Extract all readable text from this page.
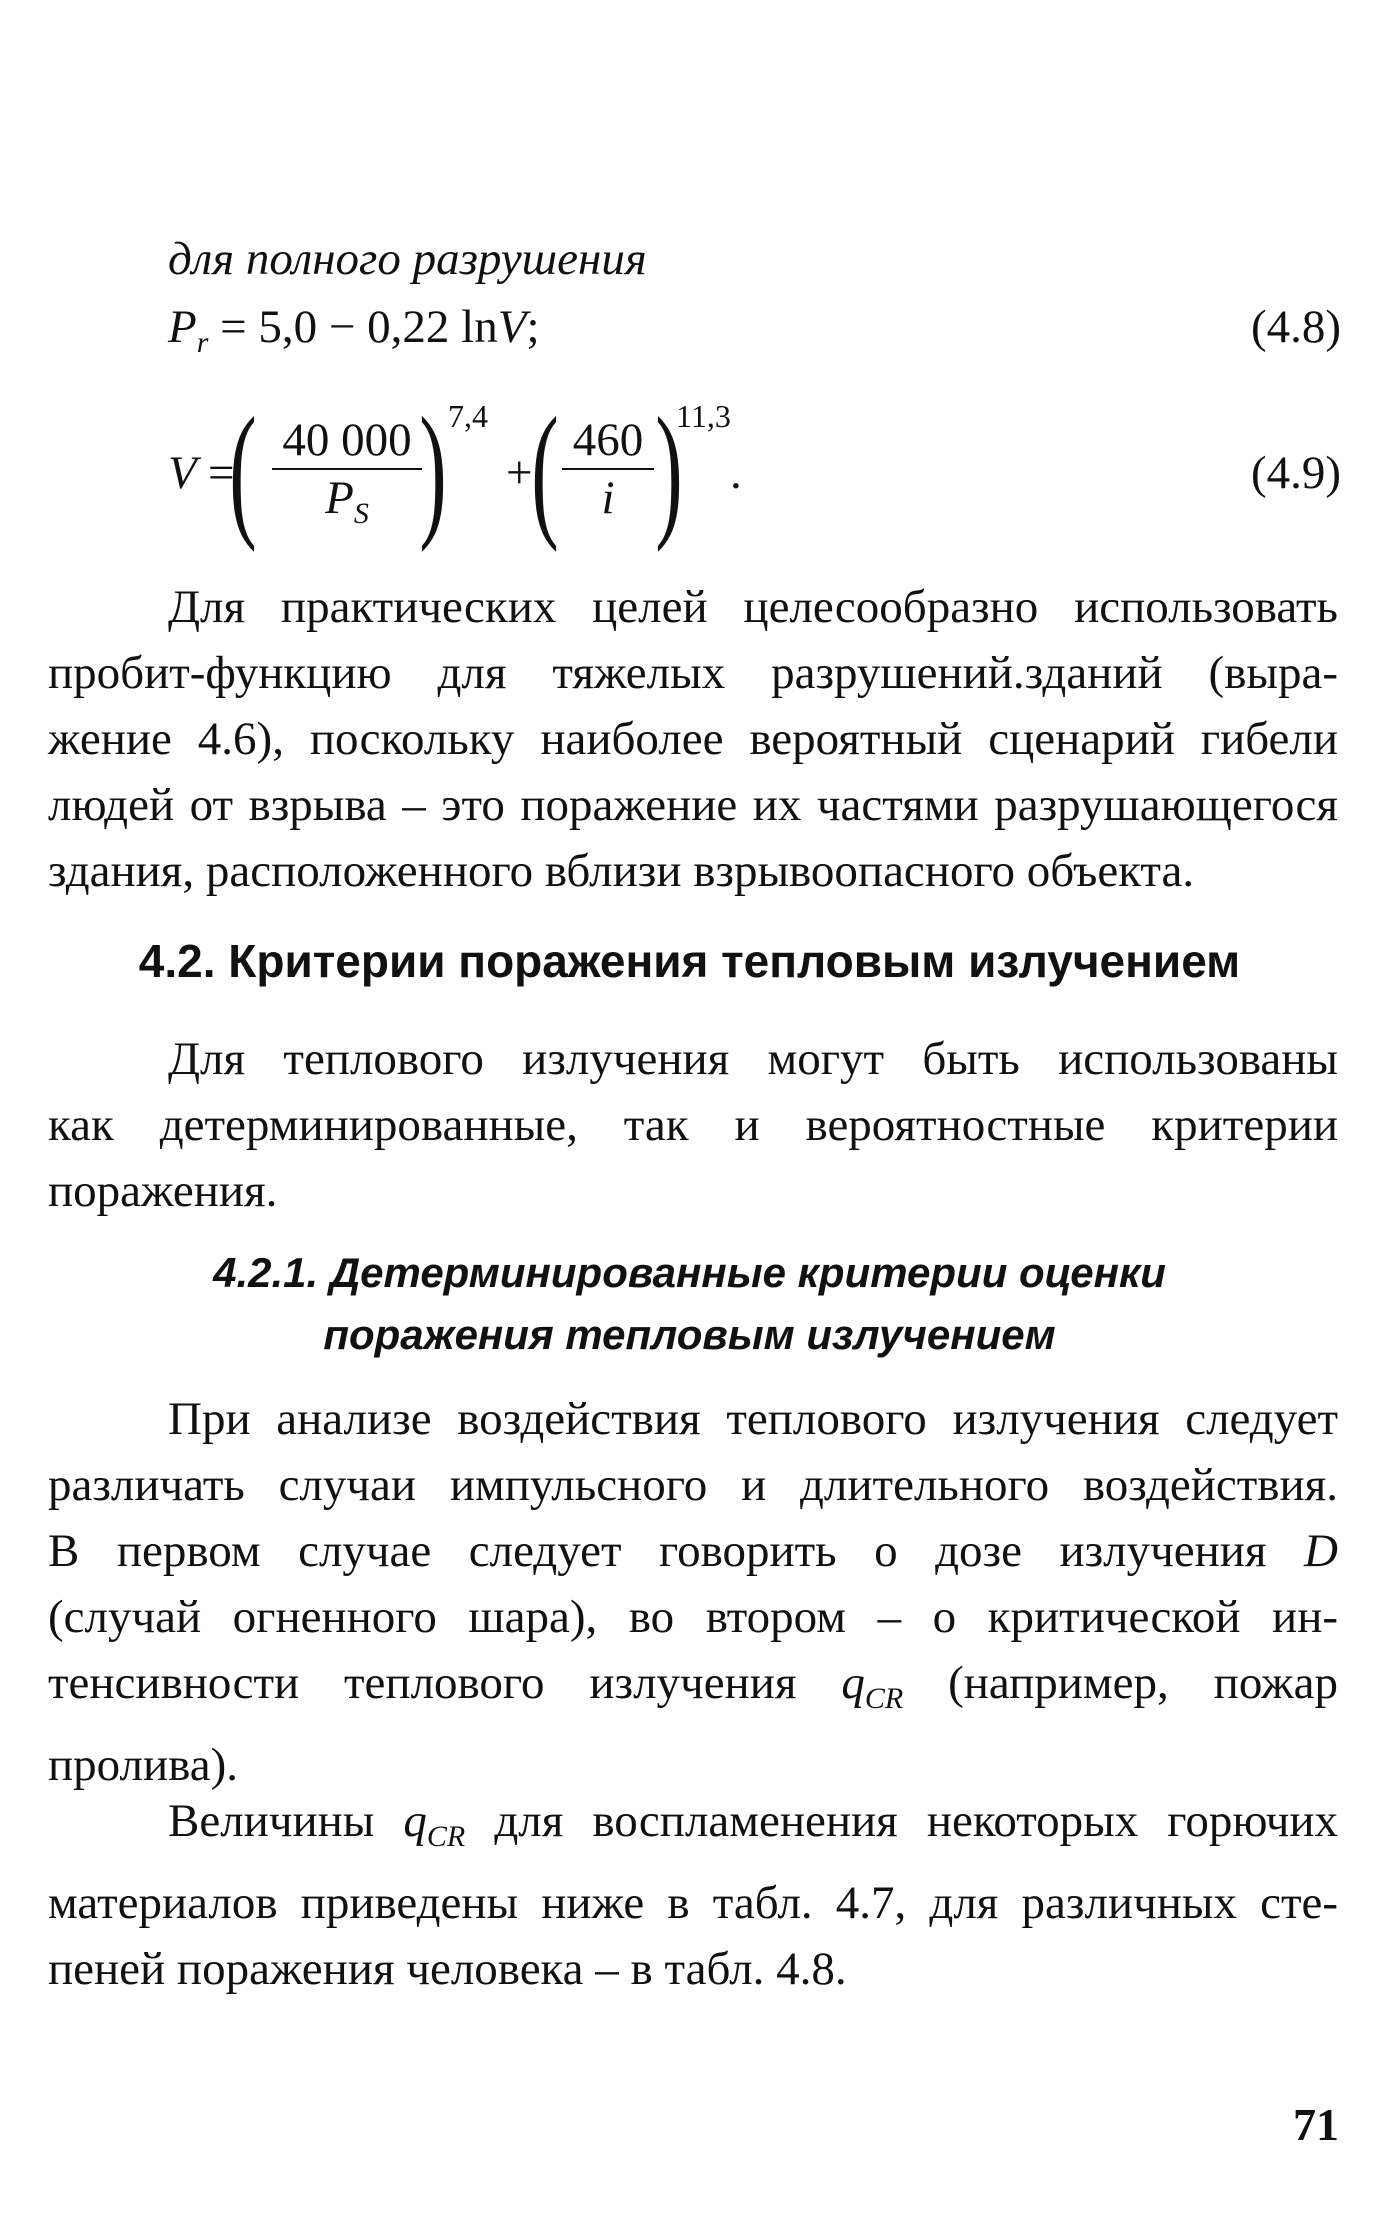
для полного разрушения
$P_r = 5,0 - 0,22$ lnV;	(4.8)
V =
( $\frac{40 000}{P_S}$
) 7,4
+
( $\frac{460}{i}$ )
11,3
.	(4.9)
Для практических целей целесообразно использовать
пробит-функцию для тяжелых разрушений.зданий (выра-
жение 4.6), поскольку наиболее вероятный сценарий гибели
людей от взрыва – это поражение их частями разрушающегося
здания, расположенного вблизи взрывоопасного объекта.
4.2. Критерии поражения тепловым излучением
Для теплового излучения могут быть использованы
как детерминированные, так и вероятностные критерии
поражения.
4.2.1. Детерминированные критерии оценки
поражения тепловым излучением
При анализе воздействия теплового излучения следует
различать случаи импульсного и длительного воздействия.
В первом случае следует говорить о дозе излучения D
(случай огненного шара), во втором – о критической ин-
тенсивности теплового излучения $q_{CR}$ (например, пожар
пролива).
Величины $q_{CR}$ для воспламенения некоторых горючих
материалов приведены ниже в табл. 4.7, для различных сте-
пеней поражения человека – в табл. 4.8.
71
